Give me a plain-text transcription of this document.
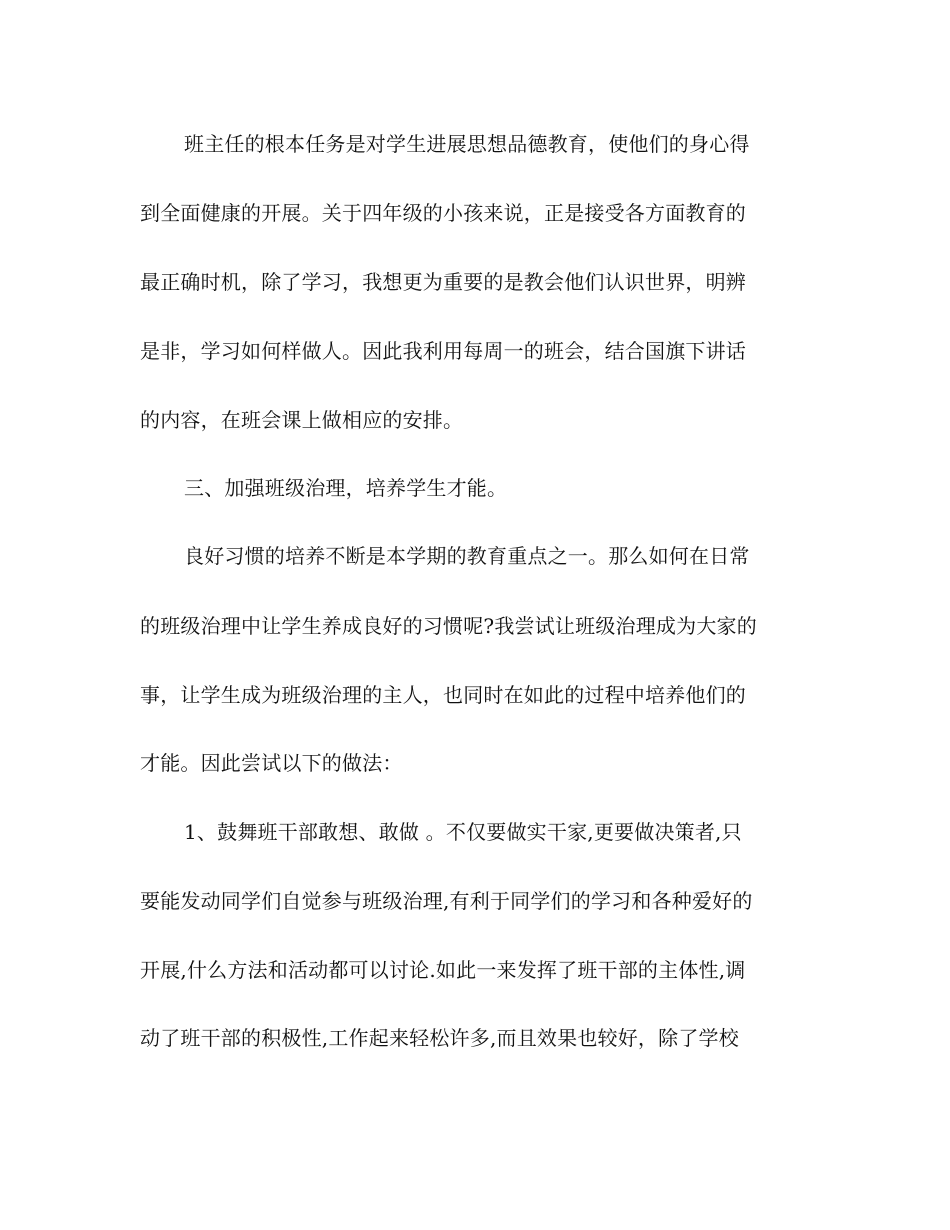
班主任的根本任务是对学生进展思想品德教育，使他们的身心得
到全面健康的开展。关于四年级的小孩来说，正是接受各方面教育的
最正确时机，除了学习，我想更为重要的是教会他们认识世界，明辨
是非，学习如何样做人。因此我利用每周一的班会，结合国旗下讲话
的内容，在班会课上做相应的安排。
三、加强班级治理，培养学生才能。
良好习惯的培养不断是本学期的教育重点之一。那么如何在日常
的班级治理中让学生养成良好的习惯呢?我尝试让班级治理成为大家的
事，让学生成为班级治理的主人，也同时在如此的过程中培养他们的
才能。因此尝试以下的做法：
1、鼓舞班干部敢想、敢做 。不仅要做实干家,更要做决策者,只
要能发动同学们自觉参与班级治理,有利于同学们的学习和各种爱好的
开展,什么方法和活动都可以讨论.如此一来发挥了班干部的主体性,调
动了班干部的积极性,工作起来轻松许多,而且效果也较好，除了学校
